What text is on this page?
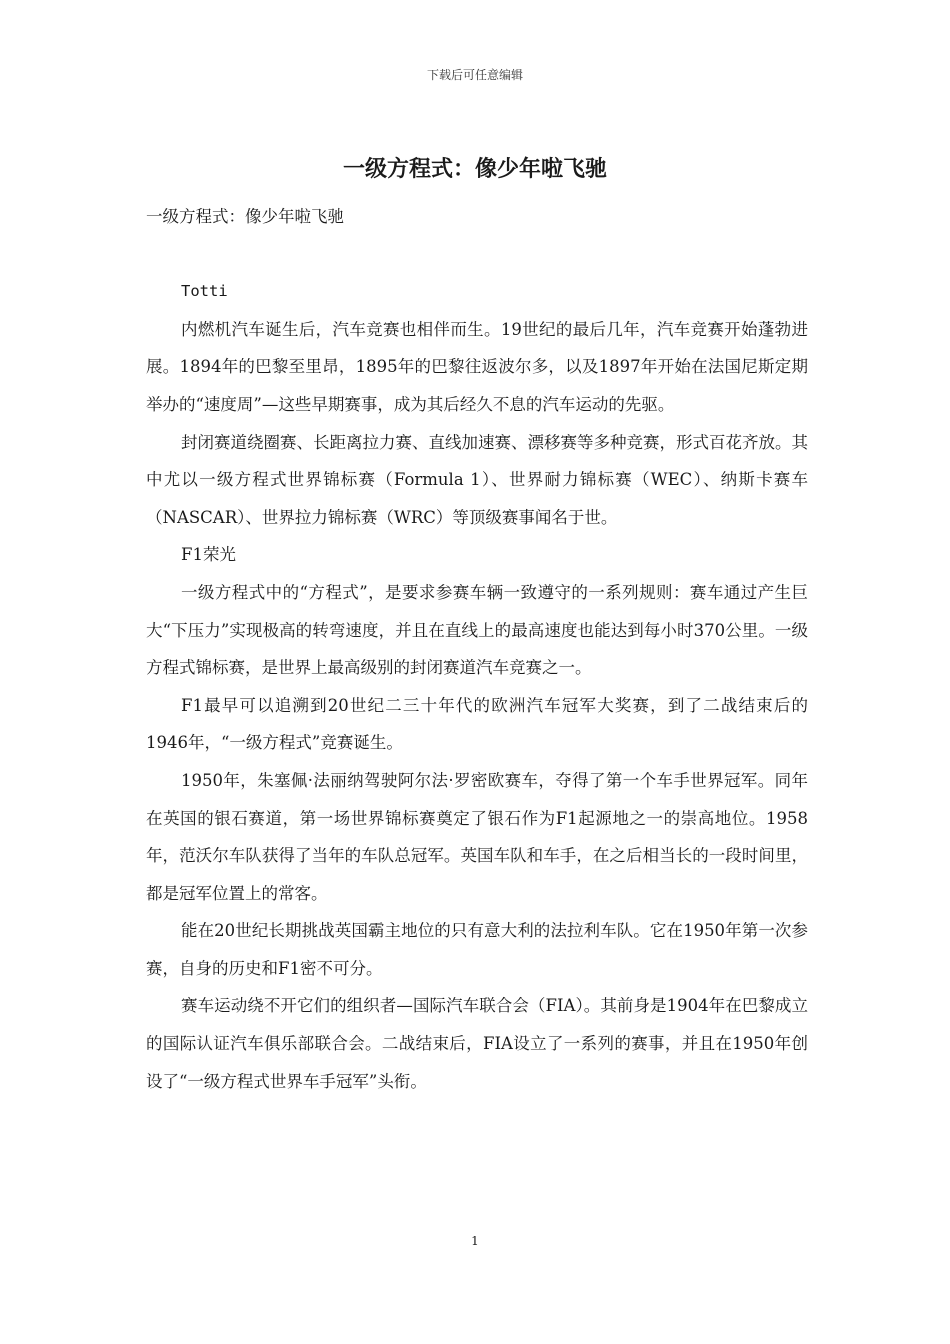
下载后可任意编辑
一级方程式：像少年啦飞驰

一级方程式：像少年啦飞驰

Totti

内燃机汽车诞生后，汽车竞赛也相伴而生。19世纪的最后几年，汽车竞赛开始蓬勃进展。1894年的巴黎至里昂，1895年的巴黎往返波尔多，以及1897年开始在法国尼斯定期举办的“速度周”—这些早期赛事，成为其后经久不息的汽车运动的先驱。

封闭赛道绕圈赛、长距离拉力赛、直线加速赛、漂移赛等多种竞赛，形式百花齐放。其中尤以一级方程式世界锦标赛（Formula 1）、世界耐力锦标赛（WEC）、纳斯卡赛车（NASCAR）、世界拉力锦标赛（WRC）等顶级赛事闻名于世。

F1荣光

一级方程式中的“方程式”，是要求参赛车辆一致遵守的一系列规则：赛车通过产生巨大“下压力”实现极高的转弯速度，并且在直线上的最高速度也能达到每小时370公里。一级方程式锦标赛，是世界上最高级别的封闭赛道汽车竞赛之一。

F1最早可以追溯到20世纪二三十年代的欧洲汽车冠军大奖赛，到了二战结束后的1946年，“一级方程式”竞赛诞生。

1950年，朱塞佩·法丽纳驾驶阿尔法·罗密欧赛车，夺得了第一个车手世界冠军。同年在英国的银石赛道，第一场世界锦标赛奠定了银石作为F1起源地之一的崇高地位。1958年，范沃尔车队获得了当年的车队总冠军。英国车队和车手，在之后相当长的一段时间里，都是冠军位置上的常客。

能在20世纪长期挑战英国霸主地位的只有意大利的法拉利车队。它在1950年第一次参赛，自身的历史和F1密不可分。

赛车运动绕不开它们的组织者—国际汽车联合会（FIA）。其前身是1904年在巴黎成立的国际认证汽车俱乐部联合会。二战结束后，FIA设立了一系列的赛事，并且在1950年创设了“一级方程式世界车手冠军”头衔。

1
